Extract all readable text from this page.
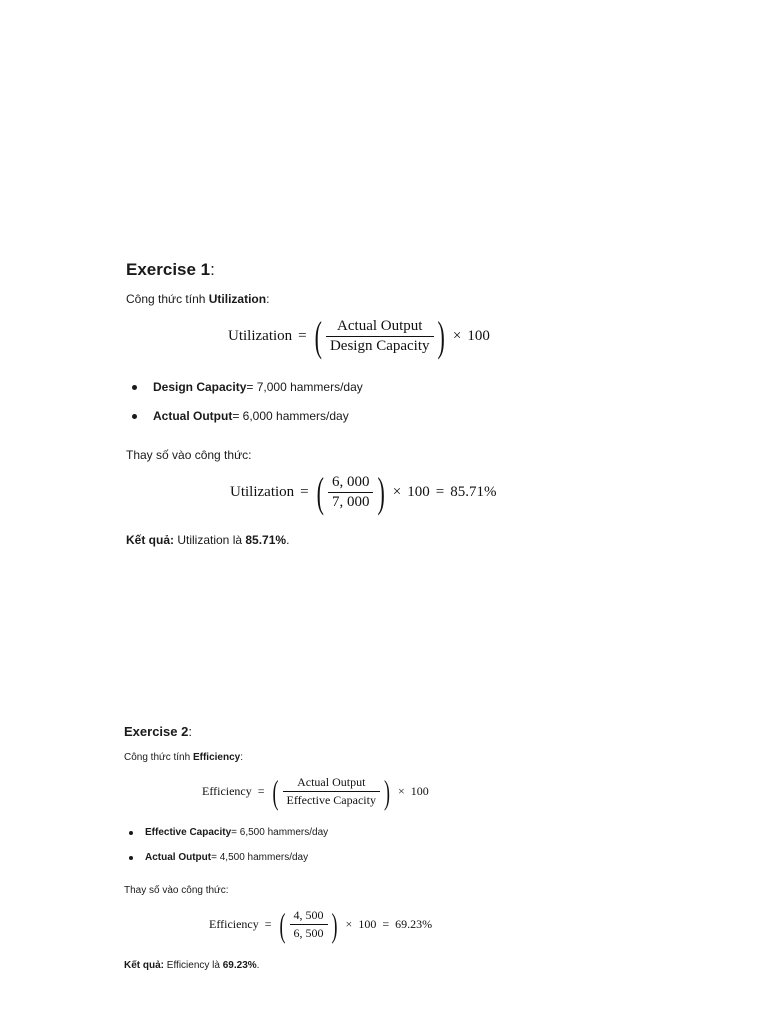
Exercise 1:
Công thức tính Utilization:
Utilization = ( $\frac{\text{Actual Output}}{\text{Design Capacity}}$ ) × 100
Design Capacity = 7,000 hammers/day
Actual Output = 6,000 hammers/day
Thay số vào công thức:
Utilization = ( $\frac{6, 000}{7, 000}$ ) × 100 = 85.71%
Kết quả: Utilization là 85.71%.
Exercise 2:
Công thức tính Efficiency:
Efficiency = ( $\frac{\text{Actual Output}}{\text{Effective Capacity}}$ ) × 100
Effective Capacity = 6,500 hammers/day
Actual Output = 4,500 hammers/day
Thay số vào công thức:
Efficiency = ( $\frac{4, 500}{6, 500}$ ) × 100 = 69.23%
Kết quả: Efficiency là 69.23%.
